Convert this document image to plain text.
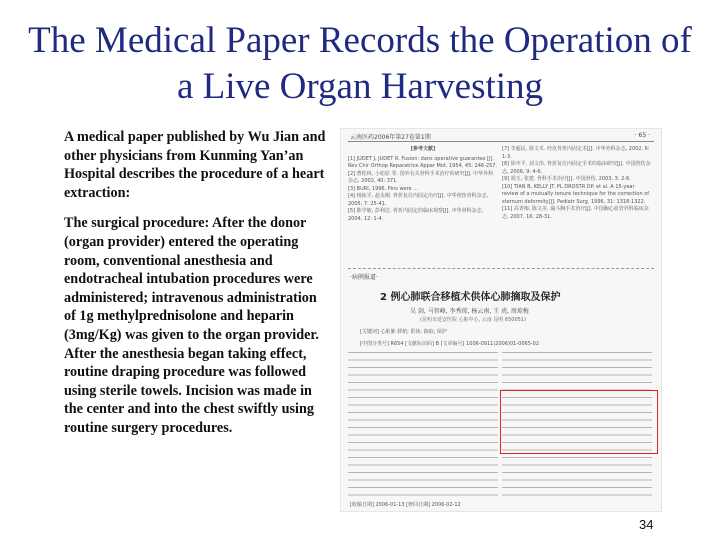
The Medical Paper Records the Operation of a Live Organ Harvesting

A medical paper published by Wu Jian and other physicians from Kunming Yan’an Hospital describes the procedure of a heart extraction:

The surgical procedure: After the donor (organ provider) entered the operating room, conventional anesthesia and endotracheal intubation procedures were administered; intravenous administration of 1g methylprednisolone and heparin (3mg/Kg) was given to the organ provider. After the anesthesia began taking effect, routine draping procedure was followed using sterile towels. Incision was made in the center and into the chest swiftly using routine surgery procedures.

云南医药2006年第27卷第1期	· 65 ·
[参考文献]
[1] JUDET J, JUDET R. Fusion: dans operative guarantee [J]. Rev Chir Orthop Reparatrice Appar Mot, 1954, 45: 246-257.
[2] 曹桂林, 小松原 等. 国外有关骨科手术治疗的研究[J]. 中华外科杂志, 2002, 40: 371.
[3] BURI, 1996. Pins were ...
[4] 杨拓平, 赵永刚. 骨折复位内固定治疗[J]. 中华创伤骨科杂志, 2005, 7: 25-41.
[5] 陈学敏, 彭利达. 骨折内固定的临床观察[J]. 中华骨科杂志, 2004, 12: 1-4.
[7] 李超民, 徐文术. 经皮骨折内固定术[J]. 中华外科杂志, 2002, 6: 1-3.
[8] 徐中平, 刘文伟. 骨折复位内固定手术的临床研究[J]. 中国创伤杂志, 2006, 9: 4-6.
[9] 胡玉, 张建. 骨科手术治疗[J]. 中国骨伤, 2003, 3: 2-6.
[10] TIAN B, KELLY JT. PL DROSTR DP. et al. A 15-year review of a mutually tenure technique for the correction of sternum deformity[J]. Pediatr Surg, 1996, 31: 1318-1322.
[11] 高青梅, 陈文美. 漏斗胸手术治疗[J]. 中国胸心血管外科临床杂志, 2007, 16: 28-31.
·病例报道·
2 例心肺联合移植术供体心肺摘取及保护
吴 剑, 马智峰, 李秀琼, 杨云南, 王 虎, 周琼梅
(昆明市延安医院 心脏中心, 云南 昆明 650051)
[关键词] 心脏肺 移植; 供体; 摘取; 保护
[中图分类号] R654 [文献标识码] B [文章编号] 1006-0911(2006)01-0065-02
[收稿日期] 2006-01-13 [修回日期] 2006-02-12
34
